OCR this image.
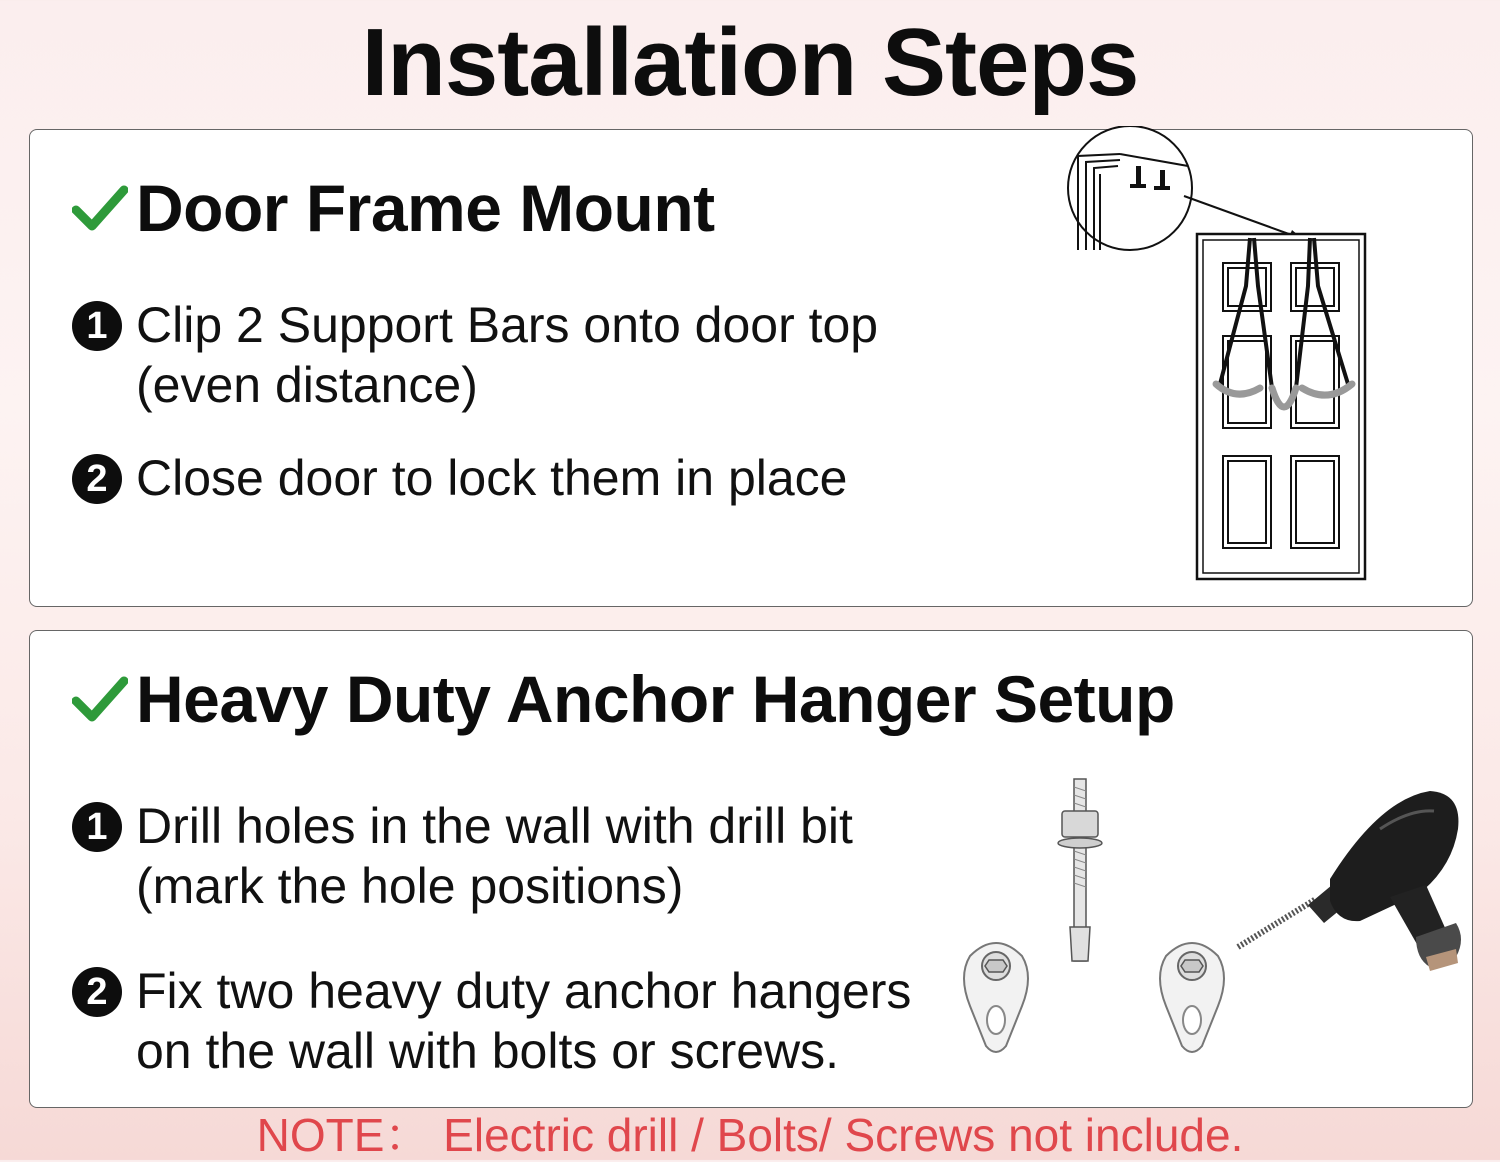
Installation Steps
Door Frame Mount
1 Clip 2 Support Bars onto door top
(even distance)
2 Close door to lock them in place
Heavy Duty Anchor Hanger Setup
1 Drill holes in the wall with drill bit
(mark the hole positions)
2 Fix two heavy duty anchor hangers
on the wall with bolts or screws.
NOTE： Electric drill / Bolts/ Screws not include.
